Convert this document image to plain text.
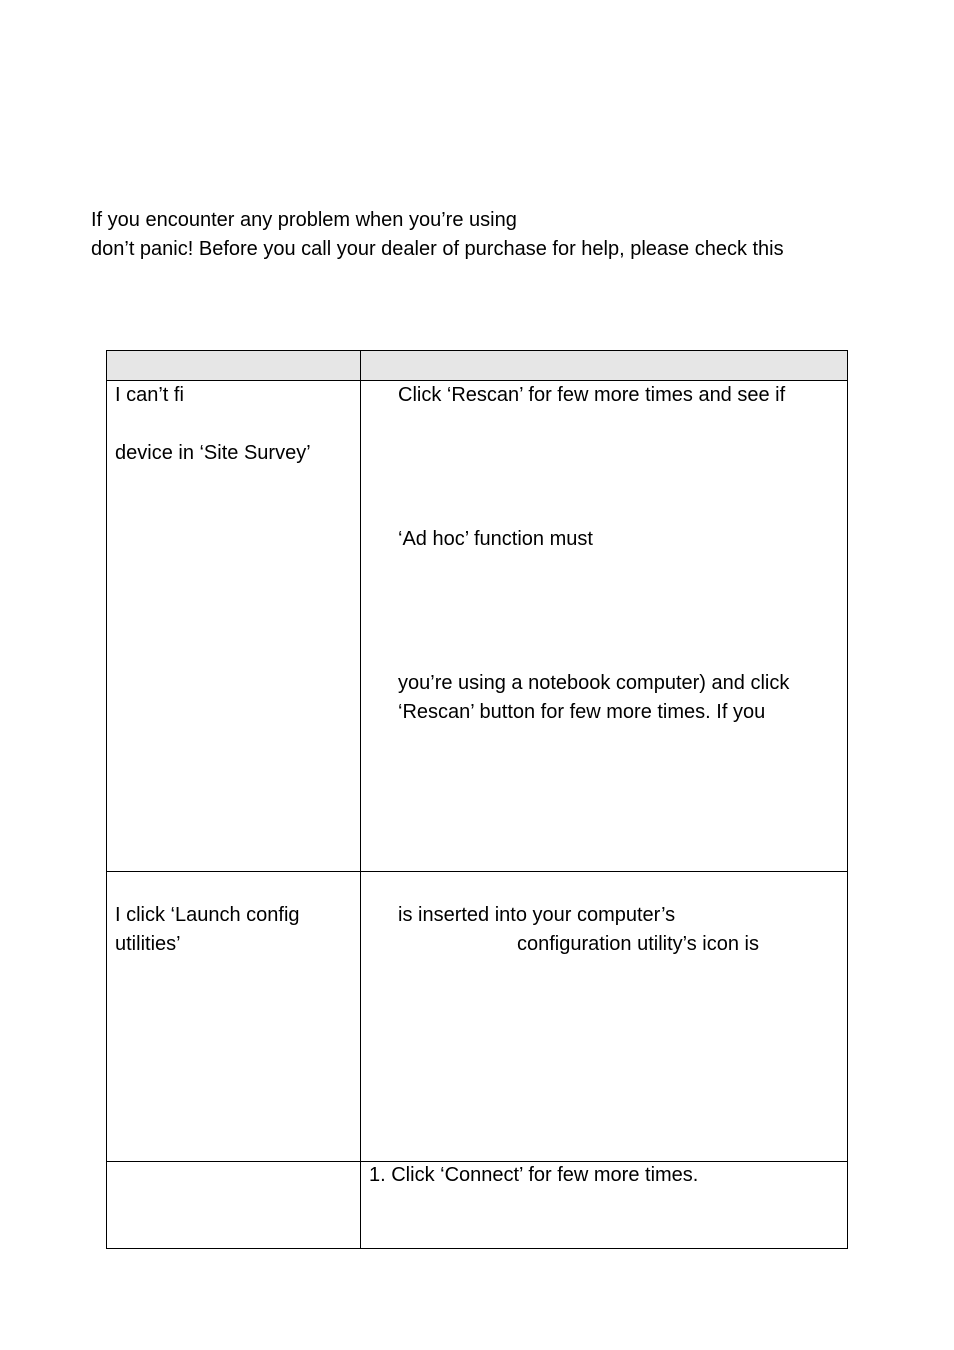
If you encounter any problem when you’re using
don’t panic! Before you call your dealer of purchase for help, please check this
I can’t fi
device in ‘Site Survey’
Click ‘Rescan’ for few more times and see if
‘Ad hoc’ function must
you’re using a notebook computer) and click
‘Rescan’ button for few more times. If you
I click ‘Launch config
utilities’
is inserted into your computer’s
configuration utility’s icon is
1. Click ‘Connect’ for few more times.
